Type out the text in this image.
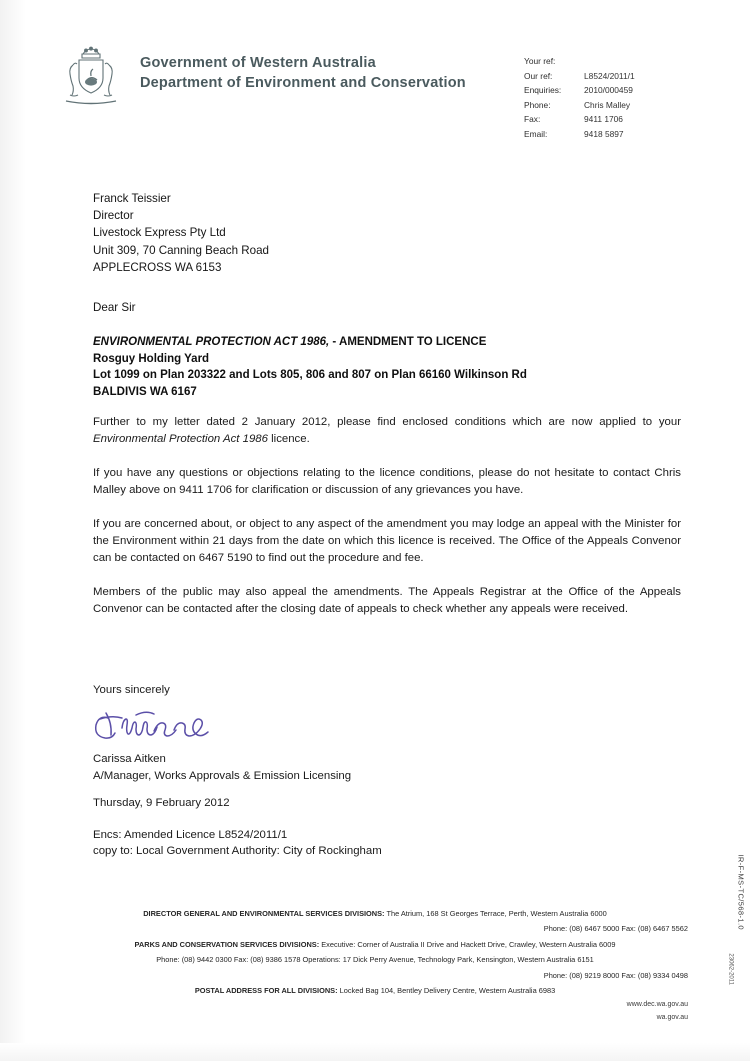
Government of Western Australia
Department of Environment and Conservation
Your ref:
Our ref:	L8524/2011/1
Enquiries:	2010/000459
Phone:	Chris Malley
Fax:	9411 1706
Email:	9418 5897
Franck Teissier
Director
Livestock Express Pty Ltd
Unit 309, 70 Canning Beach Road
APPLECROSS WA 6153
Dear Sir
ENVIRONMENTAL PROTECTION ACT 1986, - AMENDMENT TO LICENCE
Rosguy Holding Yard
Lot 1099 on Plan 203322 and Lots 805, 806 and 807 on Plan 66160 Wilkinson Rd
BALDIVIS WA 6167

Further to my letter dated 2 January 2012, please find enclosed conditions which are now applied to your Environmental Protection Act 1986 licence.

If you have any questions or objections relating to the licence conditions, please do not hesitate to contact Chris Malley above on 9411 1706 for clarification or discussion of any grievances you have.

If you are concerned about, or object to any aspect of the amendment you may lodge an appeal with the Minister for the Environment within 21 days from the date on which this licence is received. The Office of the Appeals Convenor can be contacted on 6467 5190 to find out the procedure and fee.

Members of the public may also appeal the amendments. The Appeals Registrar at the Office of the Appeals Convenor can be contacted after the closing date of appeals to check whether any appeals were received.

Yours sincerely
Carissa Aitken
A/Manager, Works Approvals & Emission Licensing
Thursday, 9 February 2012
Encs: Amended Licence L8524/2011/1
copy to: Local Government Authority: City of Rockingham
DIRECTOR GENERAL AND ENVIRONMENTAL SERVICES DIVISIONS: The Atrium, 168 St Georges Terrace, Perth, Western Australia 6000
Phone: (08) 6467 5000 Fax: (08) 6467 5562
PARKS AND CONSERVATION SERVICES DIVISIONS: Executive: Corner of Australia II Drive and Hackett Drive, Crawley, Western Australia 6009
Phone: (08) 9442 0300 Fax: (08) 9386 1578 Operations: 17 Dick Perry Avenue, Technology Park, Kensington, Western Australia 6151
Phone: (08) 9219 8000 Fax: (08) 9334 0498
POSTAL ADDRESS FOR ALL DIVISIONS: Locked Bag 104, Bentley Delivery Centre, Western Australia 6983
www.dec.wa.gov.au
wa.gov.au
IR-F-MS-TC/568-1.0
23062-2011
